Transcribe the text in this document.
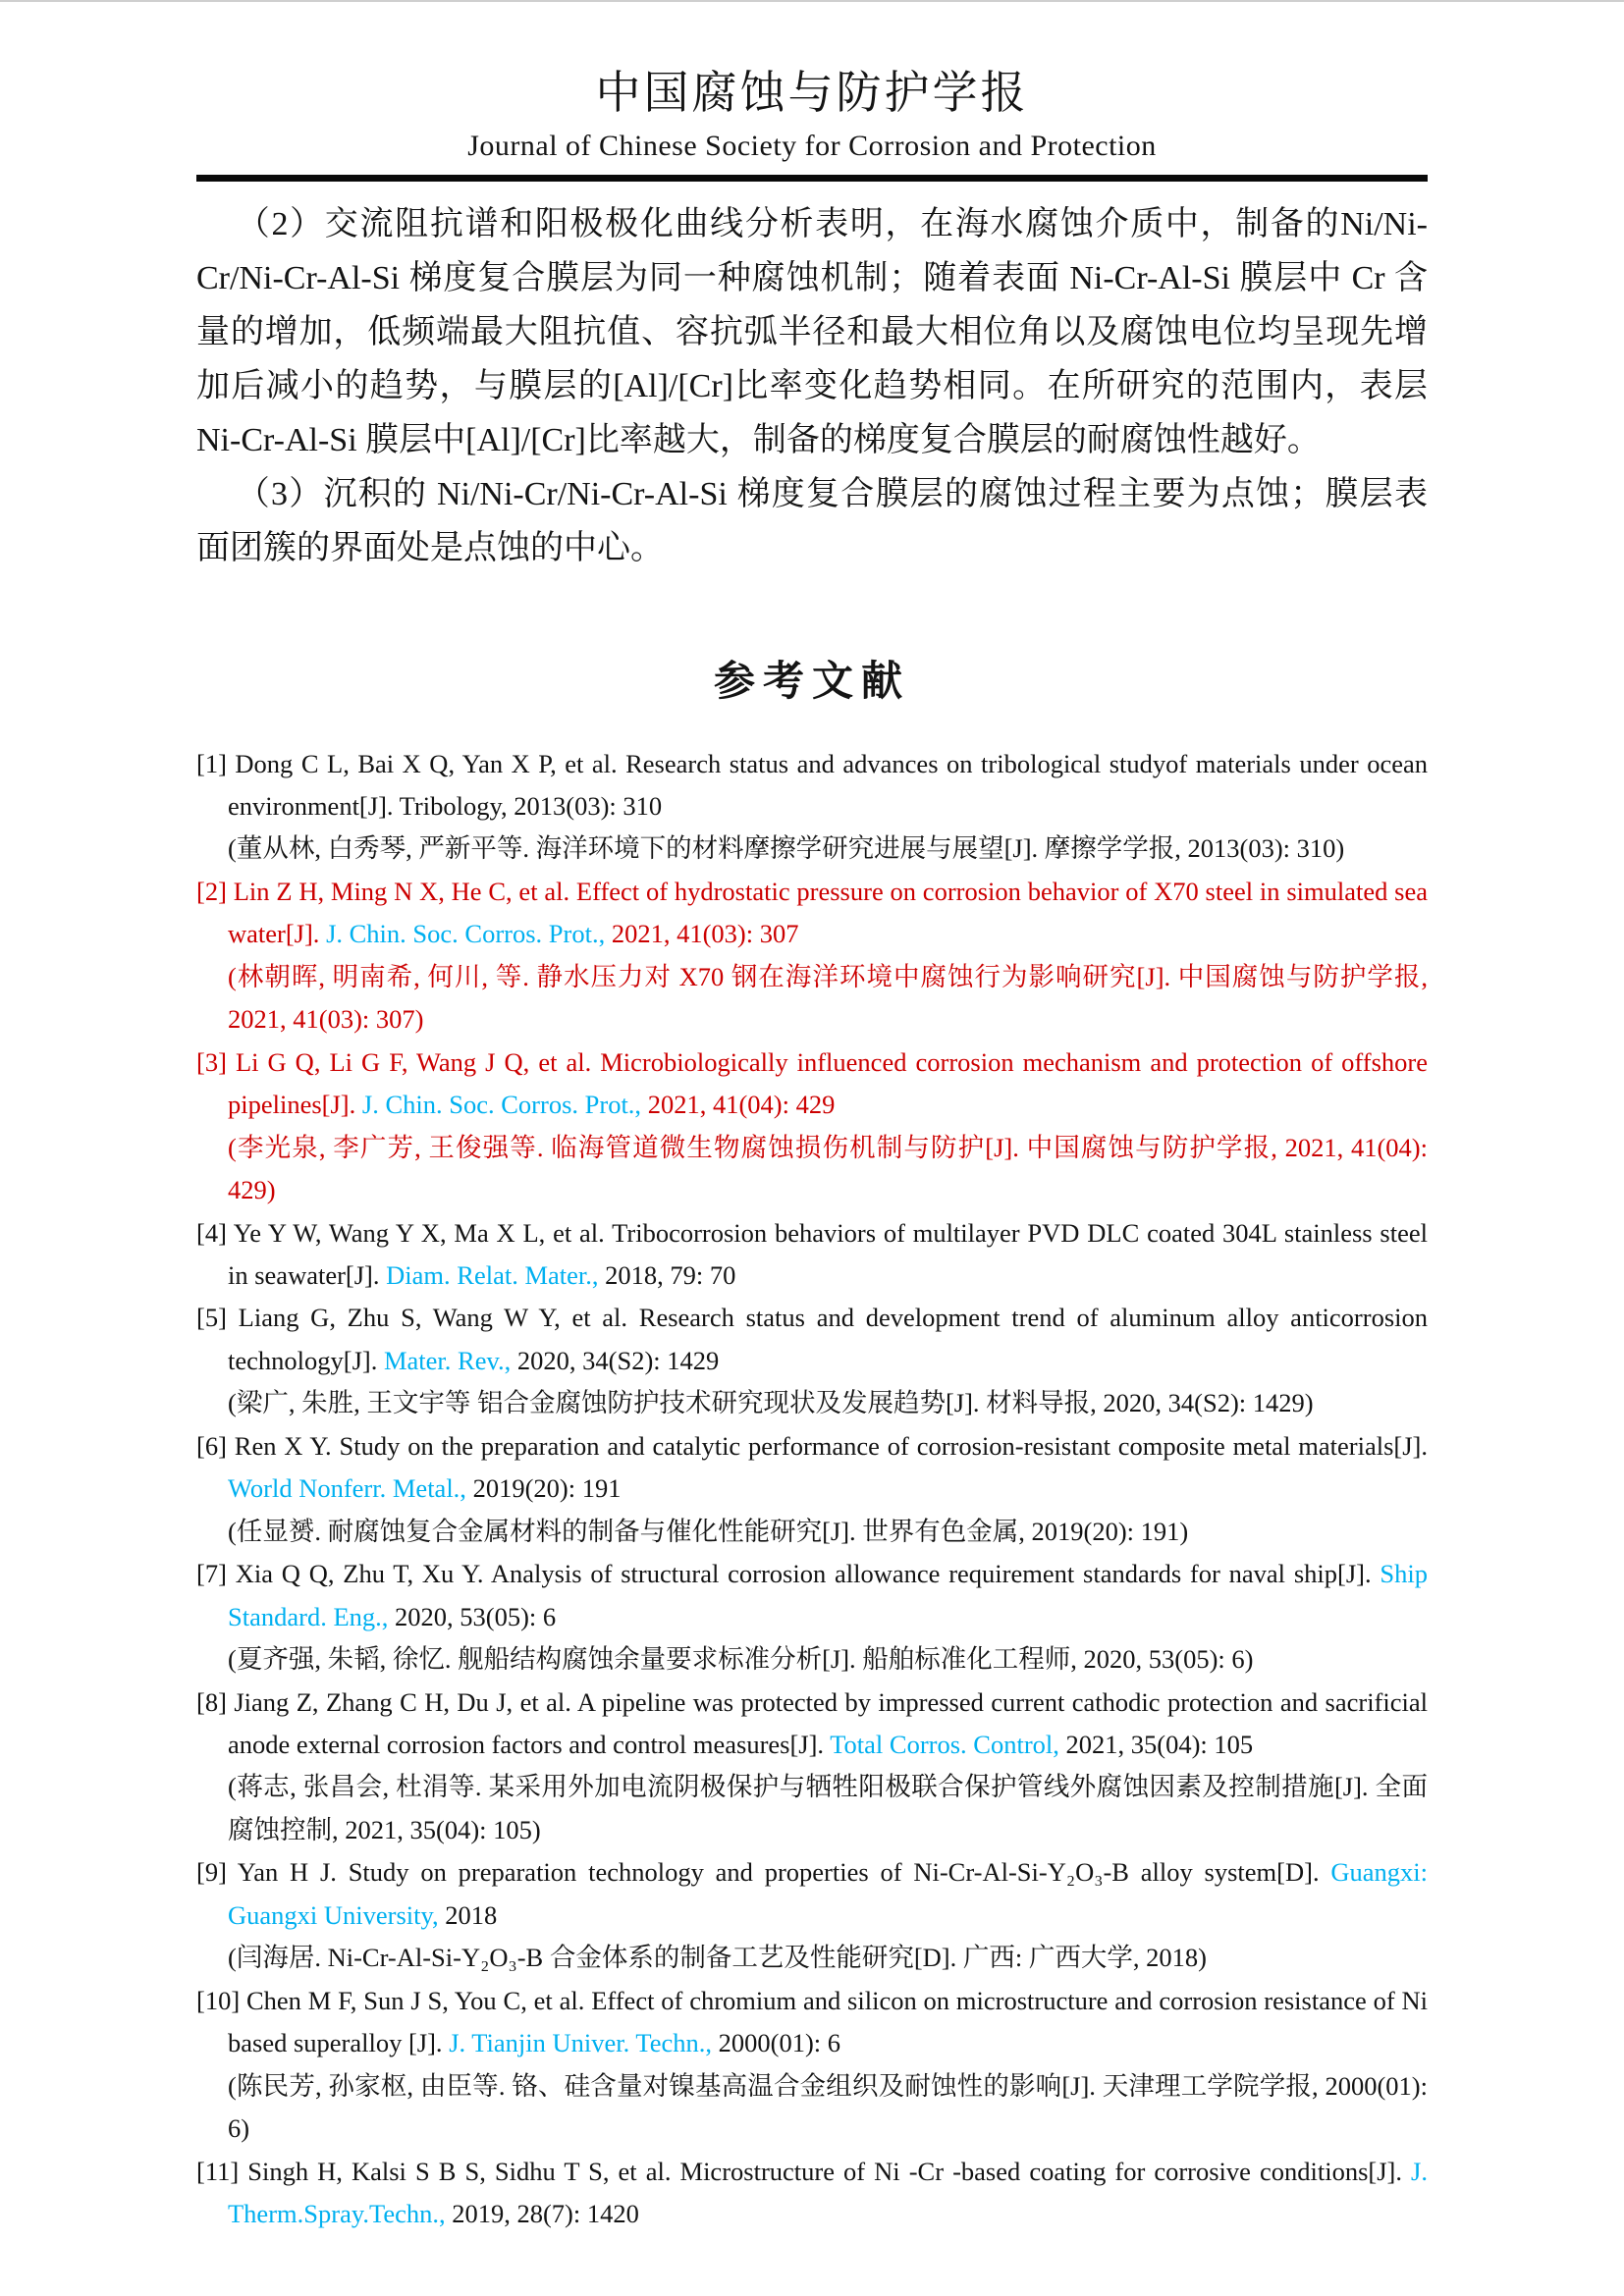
中国腐蚀与防护学报
Journal of Chinese Society for Corrosion and Protection

（2）交流阻抗谱和阳极极化曲线分析表明，在海水腐蚀介质中，制备的Ni/Ni-Cr/Ni-Cr-Al-Si 梯度复合膜层为同一种腐蚀机制；随着表面 Ni-Cr-Al-Si 膜层中 Cr 含量的增加，低频端最大阻抗值、容抗弧半径和最大相位角以及腐蚀电位均呈现先增加后减小的趋势，与膜层的[Al]/[Cr]比率变化趋势相同。在所研究的范围内，表层 Ni-Cr-Al-Si 膜层中[Al]/[Cr]比率越大，制备的梯度复合膜层的耐腐蚀性越好。

（3）沉积的 Ni/Ni-Cr/Ni-Cr-Al-Si 梯度复合膜层的腐蚀过程主要为点蚀；膜层表面团簇的界面处是点蚀的中心。

参考文献
[1] Dong C L, Bai X Q, Yan X P, et al. Research status and advances on tribological studyof materials under ocean environment[J]. Tribology, 2013(03): 310
(董从林, 白秀琴, 严新平等. 海洋环境下的材料摩擦学研究进展与展望[J]. 摩擦学学报, 2013(03): 310)
[2] Lin Z H, Ming N X, He C, et al. Effect of hydrostatic pressure on corrosion behavior of X70 steel in simulated sea water[J]. J. Chin. Soc. Corros. Prot., 2021, 41(03): 307
(林朝晖, 明南希, 何川, 等. 静水压力对 X70 钢在海洋环境中腐蚀行为影响研究[J]. 中国腐蚀与防护学报, 2021, 41(03): 307)
[3] Li G Q, Li G F, Wang J Q, et al. Microbiologically influenced corrosion mechanism and protection of offshore pipelines[J]. J. Chin. Soc. Corros. Prot., 2021, 41(04): 429
(李光泉, 李广芳, 王俊强等. 临海管道微生物腐蚀损伤机制与防护[J]. 中国腐蚀与防护学报, 2021, 41(04): 429)
[4] Ye Y W, Wang Y X, Ma X L, et al. Tribocorrosion behaviors of multilayer PVD DLC coated 304L stainless steel in seawater[J]. Diam. Relat. Mater., 2018, 79: 70
[5] Liang G, Zhu S, Wang W Y, et al. Research status and development trend of aluminum alloy anticorrosion technology[J]. Mater. Rev., 2020, 34(S2): 1429
(梁广, 朱胜, 王文宇等 铝合金腐蚀防护技术研究现状及发展趋势[J]. 材料导报, 2020, 34(S2): 1429)
[6] Ren X Y. Study on the preparation and catalytic performance of corrosion-resistant composite metal materials[J]. World Nonferr. Metal., 2019(20): 191
(任显赟. 耐腐蚀复合金属材料的制备与催化性能研究[J]. 世界有色金属, 2019(20): 191)
[7] Xia Q Q, Zhu T, Xu Y. Analysis of structural corrosion allowance requirement standards for naval ship[J]. Ship Standard. Eng., 2020, 53(05): 6
(夏齐强, 朱韬, 徐忆. 舰船结构腐蚀余量要求标准分析[J]. 船舶标准化工程师, 2020, 53(05): 6)
[8] Jiang Z, Zhang C H, Du J, et al. A pipeline was protected by impressed current cathodic protection and sacrificial anode external corrosion factors and control measures[J]. Total Corros. Control, 2021, 35(04): 105
(蒋志, 张昌会, 杜涓等. 某采用外加电流阴极保护与牺牲阳极联合保护管线外腐蚀因素及控制措施[J]. 全面腐蚀控制, 2021, 35(04): 105)
[9] Yan H J. Study on preparation technology and properties of Ni-Cr-Al-Si-Y₂O₃-B alloy system[D]. Guangxi: Guangxi University, 2018
(闫海居. Ni-Cr-Al-Si-Y₂O₃-B 合金体系的制备工艺及性能研究[D]. 广西: 广西大学, 2018)
[10] Chen M F, Sun J S, You C, et al. Effect of chromium and silicon on microstructure and corrosion resistance of Ni based superalloy [J]. J. Tianjin Univer. Techn., 2000(01): 6
(陈民芳, 孙家枢, 由臣等. 铬、硅含量对镍基高温合金组织及耐蚀性的影响[J]. 天津理工学院学报, 2000(01): 6)
[11] Singh H, Kalsi S B S, Sidhu T S, et al. Microstructure of Ni -Cr -based coating for corrosive conditions[J]. J. Therm.Spray.Techn., 2019, 28(7): 1420
